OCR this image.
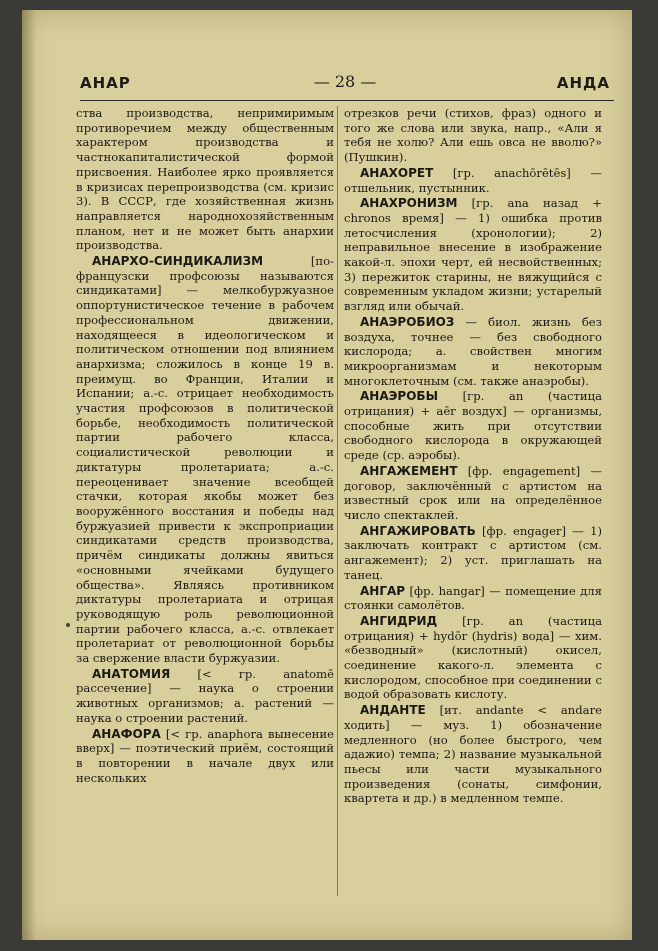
АНАР	— 28 —	АНДА

ства производства, непримиримым противоречием между общественным характером производства и частнокапиталистической формой присвоения. Наиболее ярко проявляется в кризисах перепроизводства (см. кризис 3). В СССР, где хозяйственная жизнь направляется народнохозяйственным планом, нет и не может быть анархии производства.

АНАРХО-СИНДИКАЛИЗМ [по-французски профсоюзы называются синдикатами] — мелкобуржуазное оппортунистическое течение в рабочем профессиональном движении, находящееся в идеологическом и политическом отношении под влиянием анархизма; сложилось в конце 19 в. преимущ. во Франции, Италии и Испании; а.-с. отрицает необходимость участия профсоюзов в политической борьбе, необходимость политической партии рабочего класса, социалистической революции и диктатуры пролетариата; а.-с. переоценивает значение всеобщей стачки, которая якобы может без вооружённого восстания и победы над буржуазией привести к экспроприации синдикатами средств производства, причём синдикаты должны явиться «основными ячейками будущего общества». Являясь противником диктатуры пролетариата и отрицая руководящую роль революционной партии рабочего класса, а.-с. отвлекает пролетариат от революционной борьбы за свержение власти буржуазии.

АНАТОМИЯ [< гр. anatomē рассечение] — наука о строении животных организмов; а. растений — наука о строении растений.

АНАФОРА [< гр. anaphora вынесение вверх] — поэтический приём, состоящий в повторении в начале двух или нескольких

отрезков речи (стихов, фраз) одного и того же слова или звука, напр., «Али я тебя не холю? Али ешь овса не вволю?» (Пушкин).

АНАХОРЕТ [гр. anachōrētēs] — отшельник, пустынник.

АНАХРОНИЗМ [гр. ana назад + chronos время] — 1) ошибка против летосчисления (хронологии); 2) неправильное внесение в изображение какой-л. эпохи черт, ей несвойственных; 3) пережиток старины, не вяжущийся с современным укладом жизни; устарелый взгляд или обычай.

АНАЭРОБИОЗ — биол. жизнь без воздуха, точнее — без свободного кислорода; а. свойствен многим микроорганизмам и некоторым многоклеточным (см. также анаэробы).

АНАЭРОБЫ [гр. an (частица отрицания) + aēr воздух] — организмы, способные жить при отсутствии свободного кислорода в окружающей среде (ср. аэробы).

АНГАЖЕМЕНТ [фр. engagement] — договор, заключённый с артистом на известный срок или на определённое число спектаклей.

АНГАЖИРОВАТЬ [фр. engager] — 1) заключать контракт с артистом (см. ангажемент); 2) уст. приглашать на танец.

АНГАР [фр. hangar] — помещение для стоянки самолётов.

АНГИДРИД [гр. an (частица отрицания) + hydōr (hydris) вода] — хим. «безводный» (кислотный) окисел, соединение какого-л. элемента с кислородом, способное при соединении с водой образовать кислоту.

АНДАНТЕ [ит. andante < andare ходить] — муз. 1) обозначение медленного (но более быстрого, чем адажио) темпа; 2) название музыкальной пьесы или части музыкального произведения (сонаты, симфонии, квартета и др.) в медленном темпе.
